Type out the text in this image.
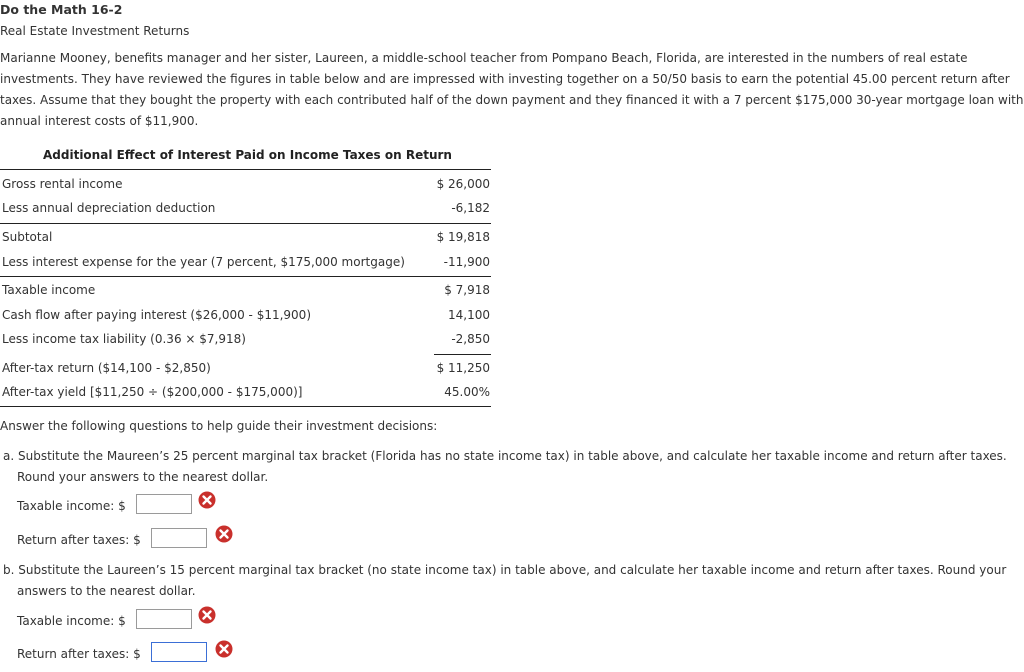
Do the Math 16-2
Real Estate Investment Returns
Marianne Mooney, benefits manager and her sister, Laureen, a middle-school teacher from Pompano Beach, Florida, are interested in the numbers of real estate
investments. They have reviewed the figures in table below and are impressed with investing together on a 50/50 basis to earn the potential 45.00 percent return after
taxes. Assume that they bought the property with each contributed half of the down payment and they financed it with a 7 percent $175,000 30-year mortgage loan with
annual interest costs of $11,900.
Additional Effect of Interest Paid on Income Taxes on Return
Gross rental income	$ 26,000
Less annual depreciation deduction	-6,182
Subtotal	$ 19,818
Less interest expense for the year (7 percent, $175,000 mortgage)	-11,900
Taxable income	$ 7,918
Cash flow after paying interest ($26,000 - $11,900)	14,100
Less income tax liability (0.36 × $7,918)	-2,850
After-tax return ($14,100 - $2,850)	$ 11,250
After-tax yield [$11,250 ÷ ($200,000 - $175,000)]	45.00%
Answer the following questions to help guide their investment decisions:
a. Substitute the Maureen’s 25 percent marginal tax bracket (Florida has no state income tax) in table above, and calculate her taxable income and return after taxes.
Round your answers to the nearest dollar.
Taxable income: $
Return after taxes: $
b. Substitute the Laureen’s 15 percent marginal tax bracket (no state income tax) in table above, and calculate her taxable income and return after taxes. Round your
answers to the nearest dollar.
Taxable income: $
Return after taxes: $
